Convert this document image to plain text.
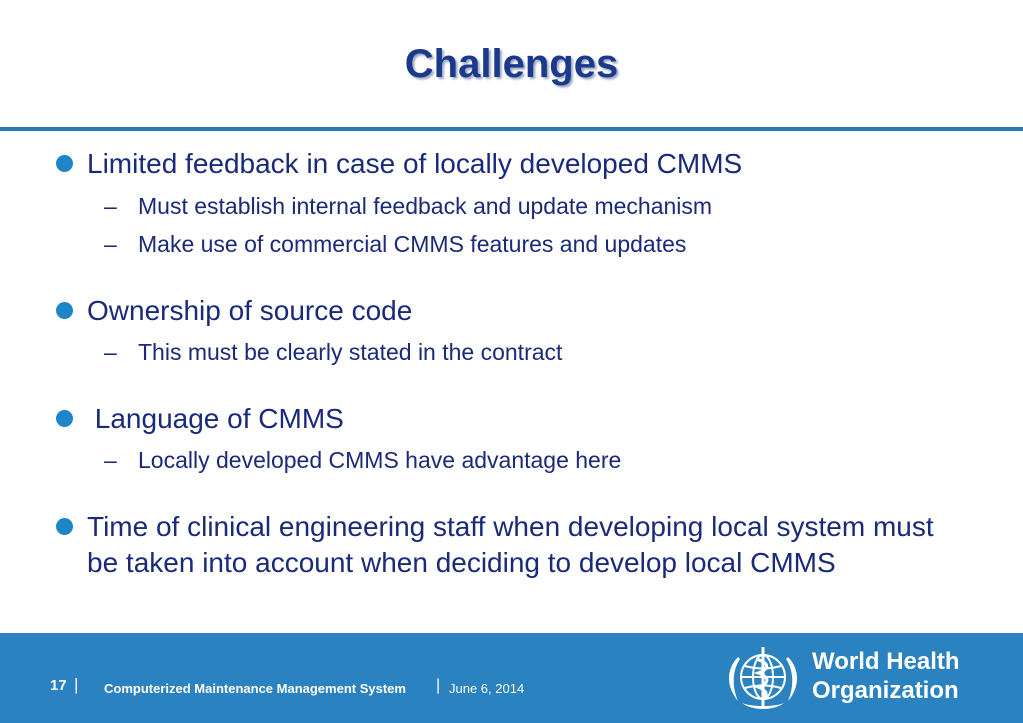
Challenges
Limited feedback in case of locally developed CMMS
– Must establish internal feedback and update mechanism
– Make use of commercial CMMS features and updates
Ownership of source code
– This must be clearly stated in the contract
Language of CMMS
– Locally developed CMMS have advantage here
Time of clinical engineering staff when developing local system must be taken into account when deciding to develop local CMMS
17 | Computerized Maintenance Management System | June 6, 2014
World Health
Organization
